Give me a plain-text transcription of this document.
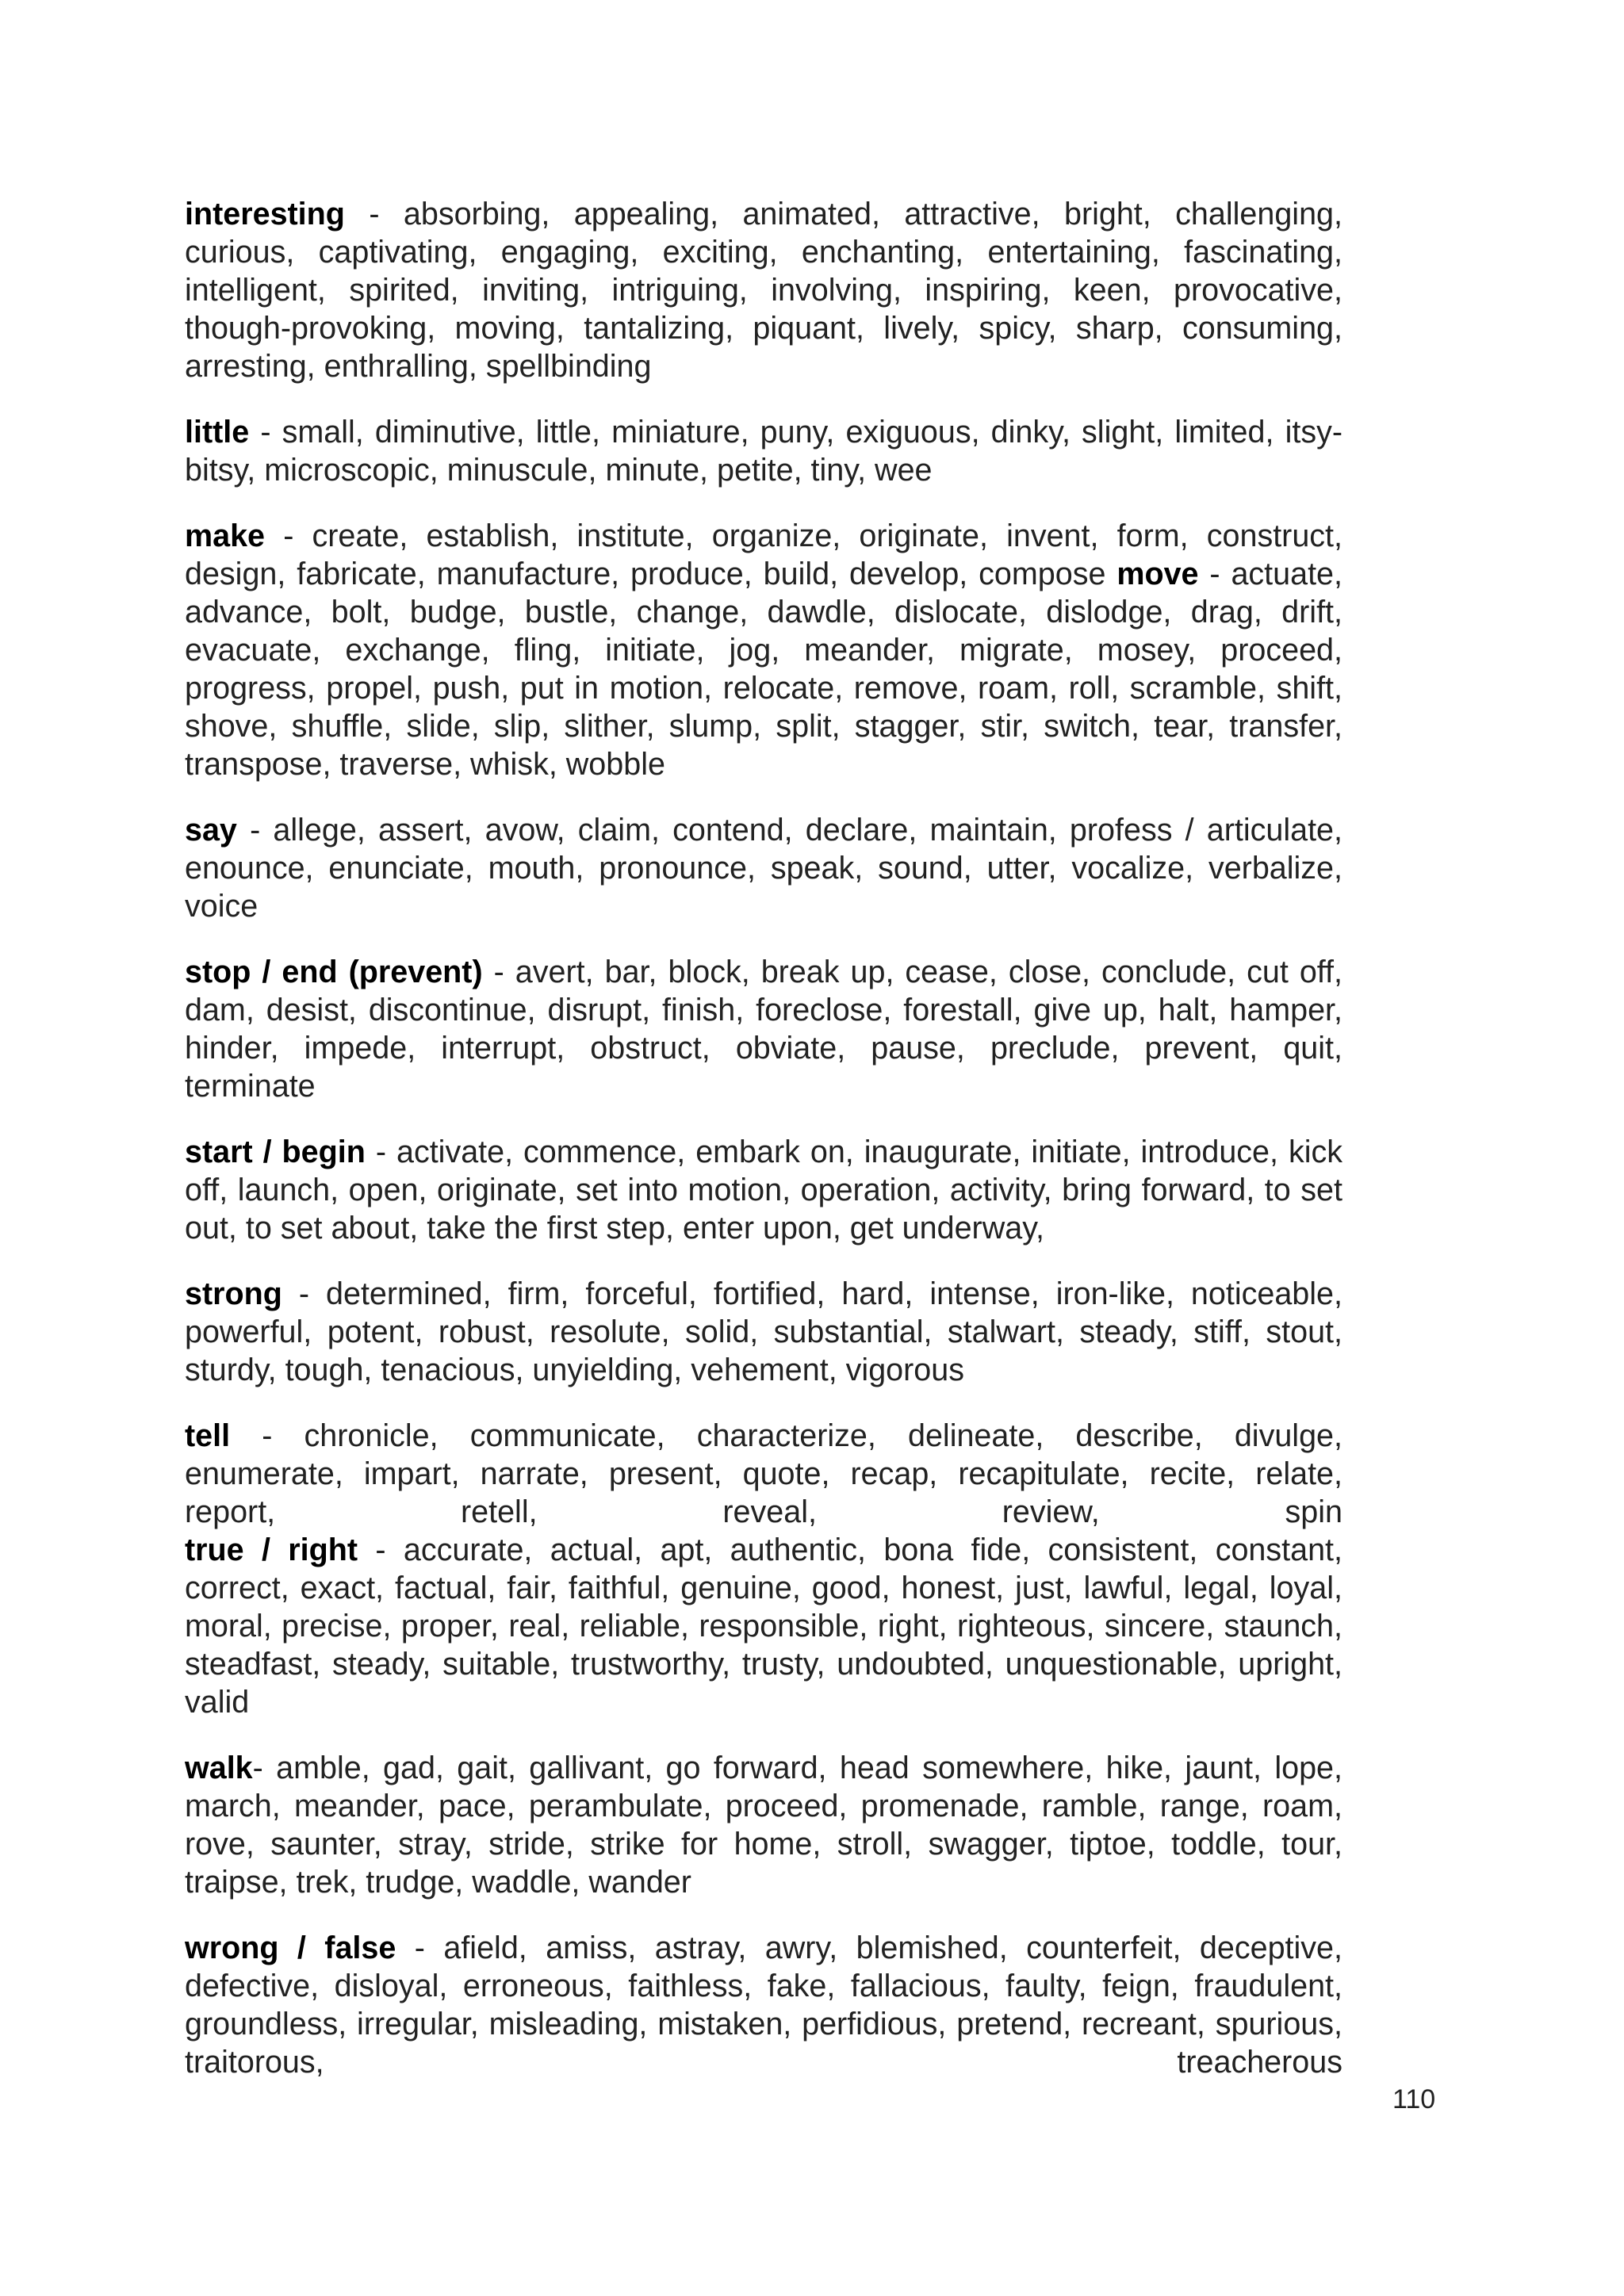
interesting - absorbing, appealing, animated, attractive, bright, challenging, curious, captivating, engaging, exciting, enchanting, entertaining, fascinating, intelligent, spirited, inviting, intriguing, involving, inspiring, keen, provocative, though-provoking, moving, tantalizing, piquant, lively, spicy, sharp, consuming, arresting, enthralling, spellbinding

little - small, diminutive, little, miniature, puny, exiguous, dinky, slight, limited, itsy-bitsy, microscopic, minuscule, minute, petite, tiny, wee

make - create, establish, institute, organize, originate, invent, form, construct, design, fabricate, manufacture, produce, build, develop, compose move - actuate, advance, bolt, budge, bustle, change, dawdle, dislocate, dislodge, drag, drift, evacuate, exchange, fling, initiate, jog, meander, migrate, mosey, proceed, progress, propel, push, put in motion, relocate, remove, roam, roll, scramble, shift, shove, shuffle, slide, slip, slither, slump, split, stagger, stir, switch, tear, transfer, transpose, traverse, whisk, wobble

say - allege, assert, avow, claim, contend, declare, maintain, profess / articulate, enounce, enunciate, mouth, pronounce, speak, sound, utter, vocalize, verbalize, voice

stop / end (prevent) - avert, bar, block, break up, cease, close, conclude, cut off, dam, desist, discontinue, disrupt, finish, foreclose, forestall, give up, halt, hamper, hinder, impede, interrupt, obstruct, obviate, pause, preclude, prevent, quit, terminate

start / begin - activate, commence, embark on, inaugurate, initiate, introduce, kick off, launch, open, originate, set into motion, operation, activity, bring forward, to set out, to set about, take the first step, enter upon, get underway,

strong - determined, firm, forceful, fortified, hard, intense, iron-like, noticeable, powerful, potent, robust, resolute, solid, substantial, stalwart, steady, stiff, stout, sturdy, tough, tenacious, unyielding, vehement, vigorous

tell - chronicle, communicate, characterize, delineate, describe, divulge, enumerate, impart, narrate, present, quote, recap, recapitulate, recite, relate, report, retell, reveal, review, spin

true / right - accurate, actual, apt, authentic, bona fide, consistent, constant, correct, exact, factual, fair, faithful, genuine, good, honest, just, lawful, legal, loyal, moral, precise, proper, real, reliable, responsible, right, righteous, sincere, staunch, steadfast, steady, suitable, trustworthy, trusty, undoubted, unquestionable, upright, valid

walk- amble, gad, gait, gallivant, go forward, head somewhere, hike, jaunt, lope, march, meander, pace, perambulate, proceed, promenade, ramble, range, roam, rove, saunter, stray, stride, strike for home, stroll, swagger, tiptoe, toddle, tour, traipse, trek, trudge, waddle, wander

wrong / false - afield, amiss, astray, awry, blemished, counterfeit, deceptive, defective, disloyal, erroneous, faithless, fake, fallacious, faulty, feign, fraudulent, groundless, irregular, misleading, mistaken, perfidious, pretend, recreant, spurious, traitorous, treacherous

110
